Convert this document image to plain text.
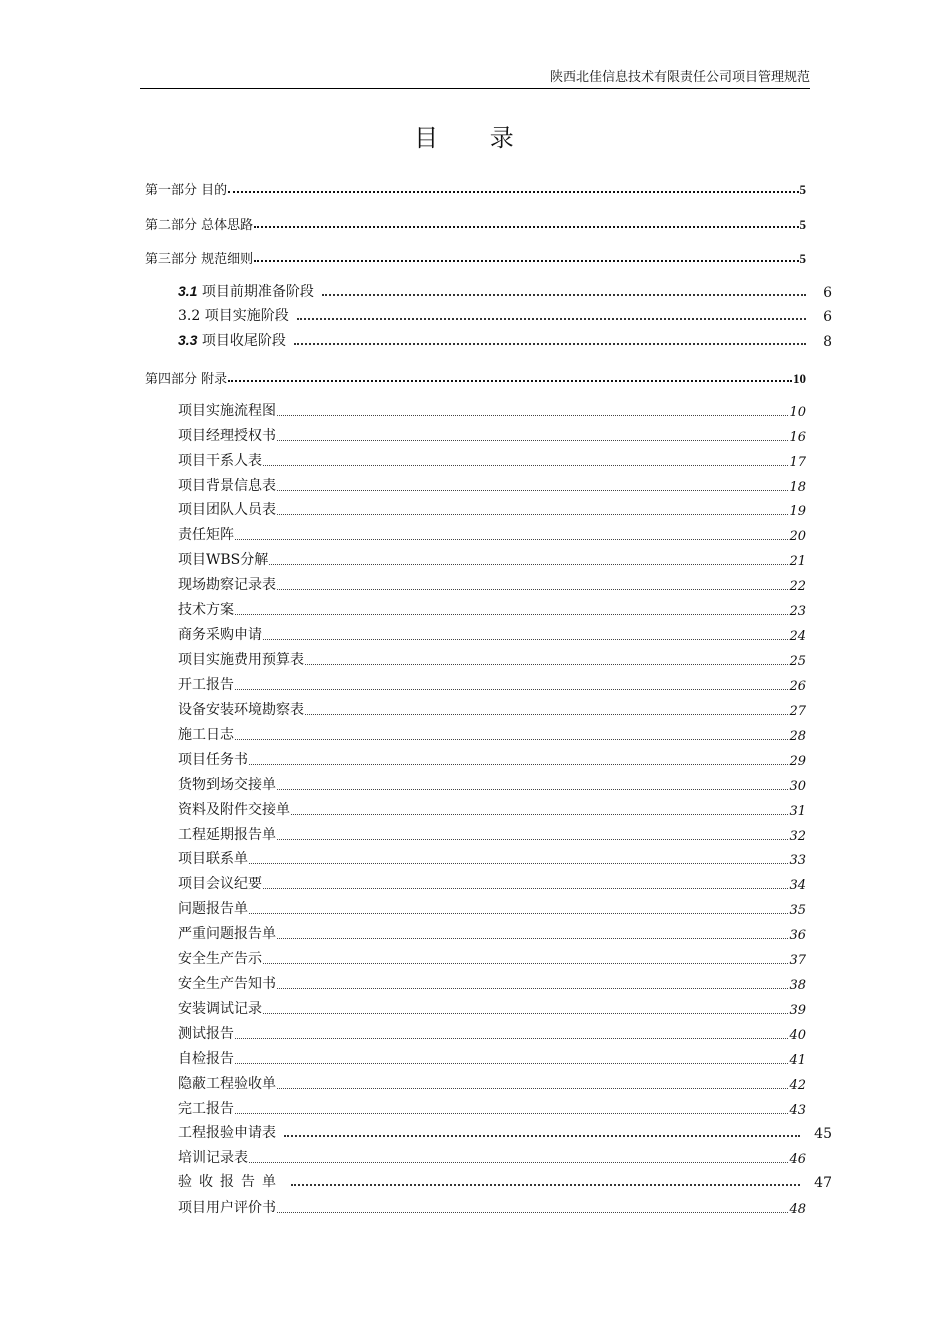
陕西北佳信息技术有限责任公司项目管理规范
目 录
第一部分 目的	5
第二部分 总体思路	5
第三部分 规范细则	5
3.1 项目前期准备阶段	6
3.2 项目实施阶段	6
3.3 项目收尾阶段	8
第四部分 附录	10
项目实施流程图	10
项目经理授权书	16
项目干系人表	17
项目背景信息表	18
项目团队人员表	19
责任矩阵	20
项目WBS分解	21
现场勘察记录表	22
技术方案	23
商务采购申请	24
项目实施费用预算表	25
开工报告	26
设备安装环境勘察表	27
施工日志	28
项目任务书	29
货物到场交接单	30
资料及附件交接单	31
工程延期报告单	32
项目联系单	33
项目会议纪要	34
问题报告单	35
严重问题报告单	36
安全生产告示	37
安全生产告知书	38
安装调试记录	39
测试报告	40
自检报告	41
隐蔽工程验收单	42
完工报告	43
工程报验申请表	45
培训记录表	46
验收报告单	47
项目用户评价书	48
